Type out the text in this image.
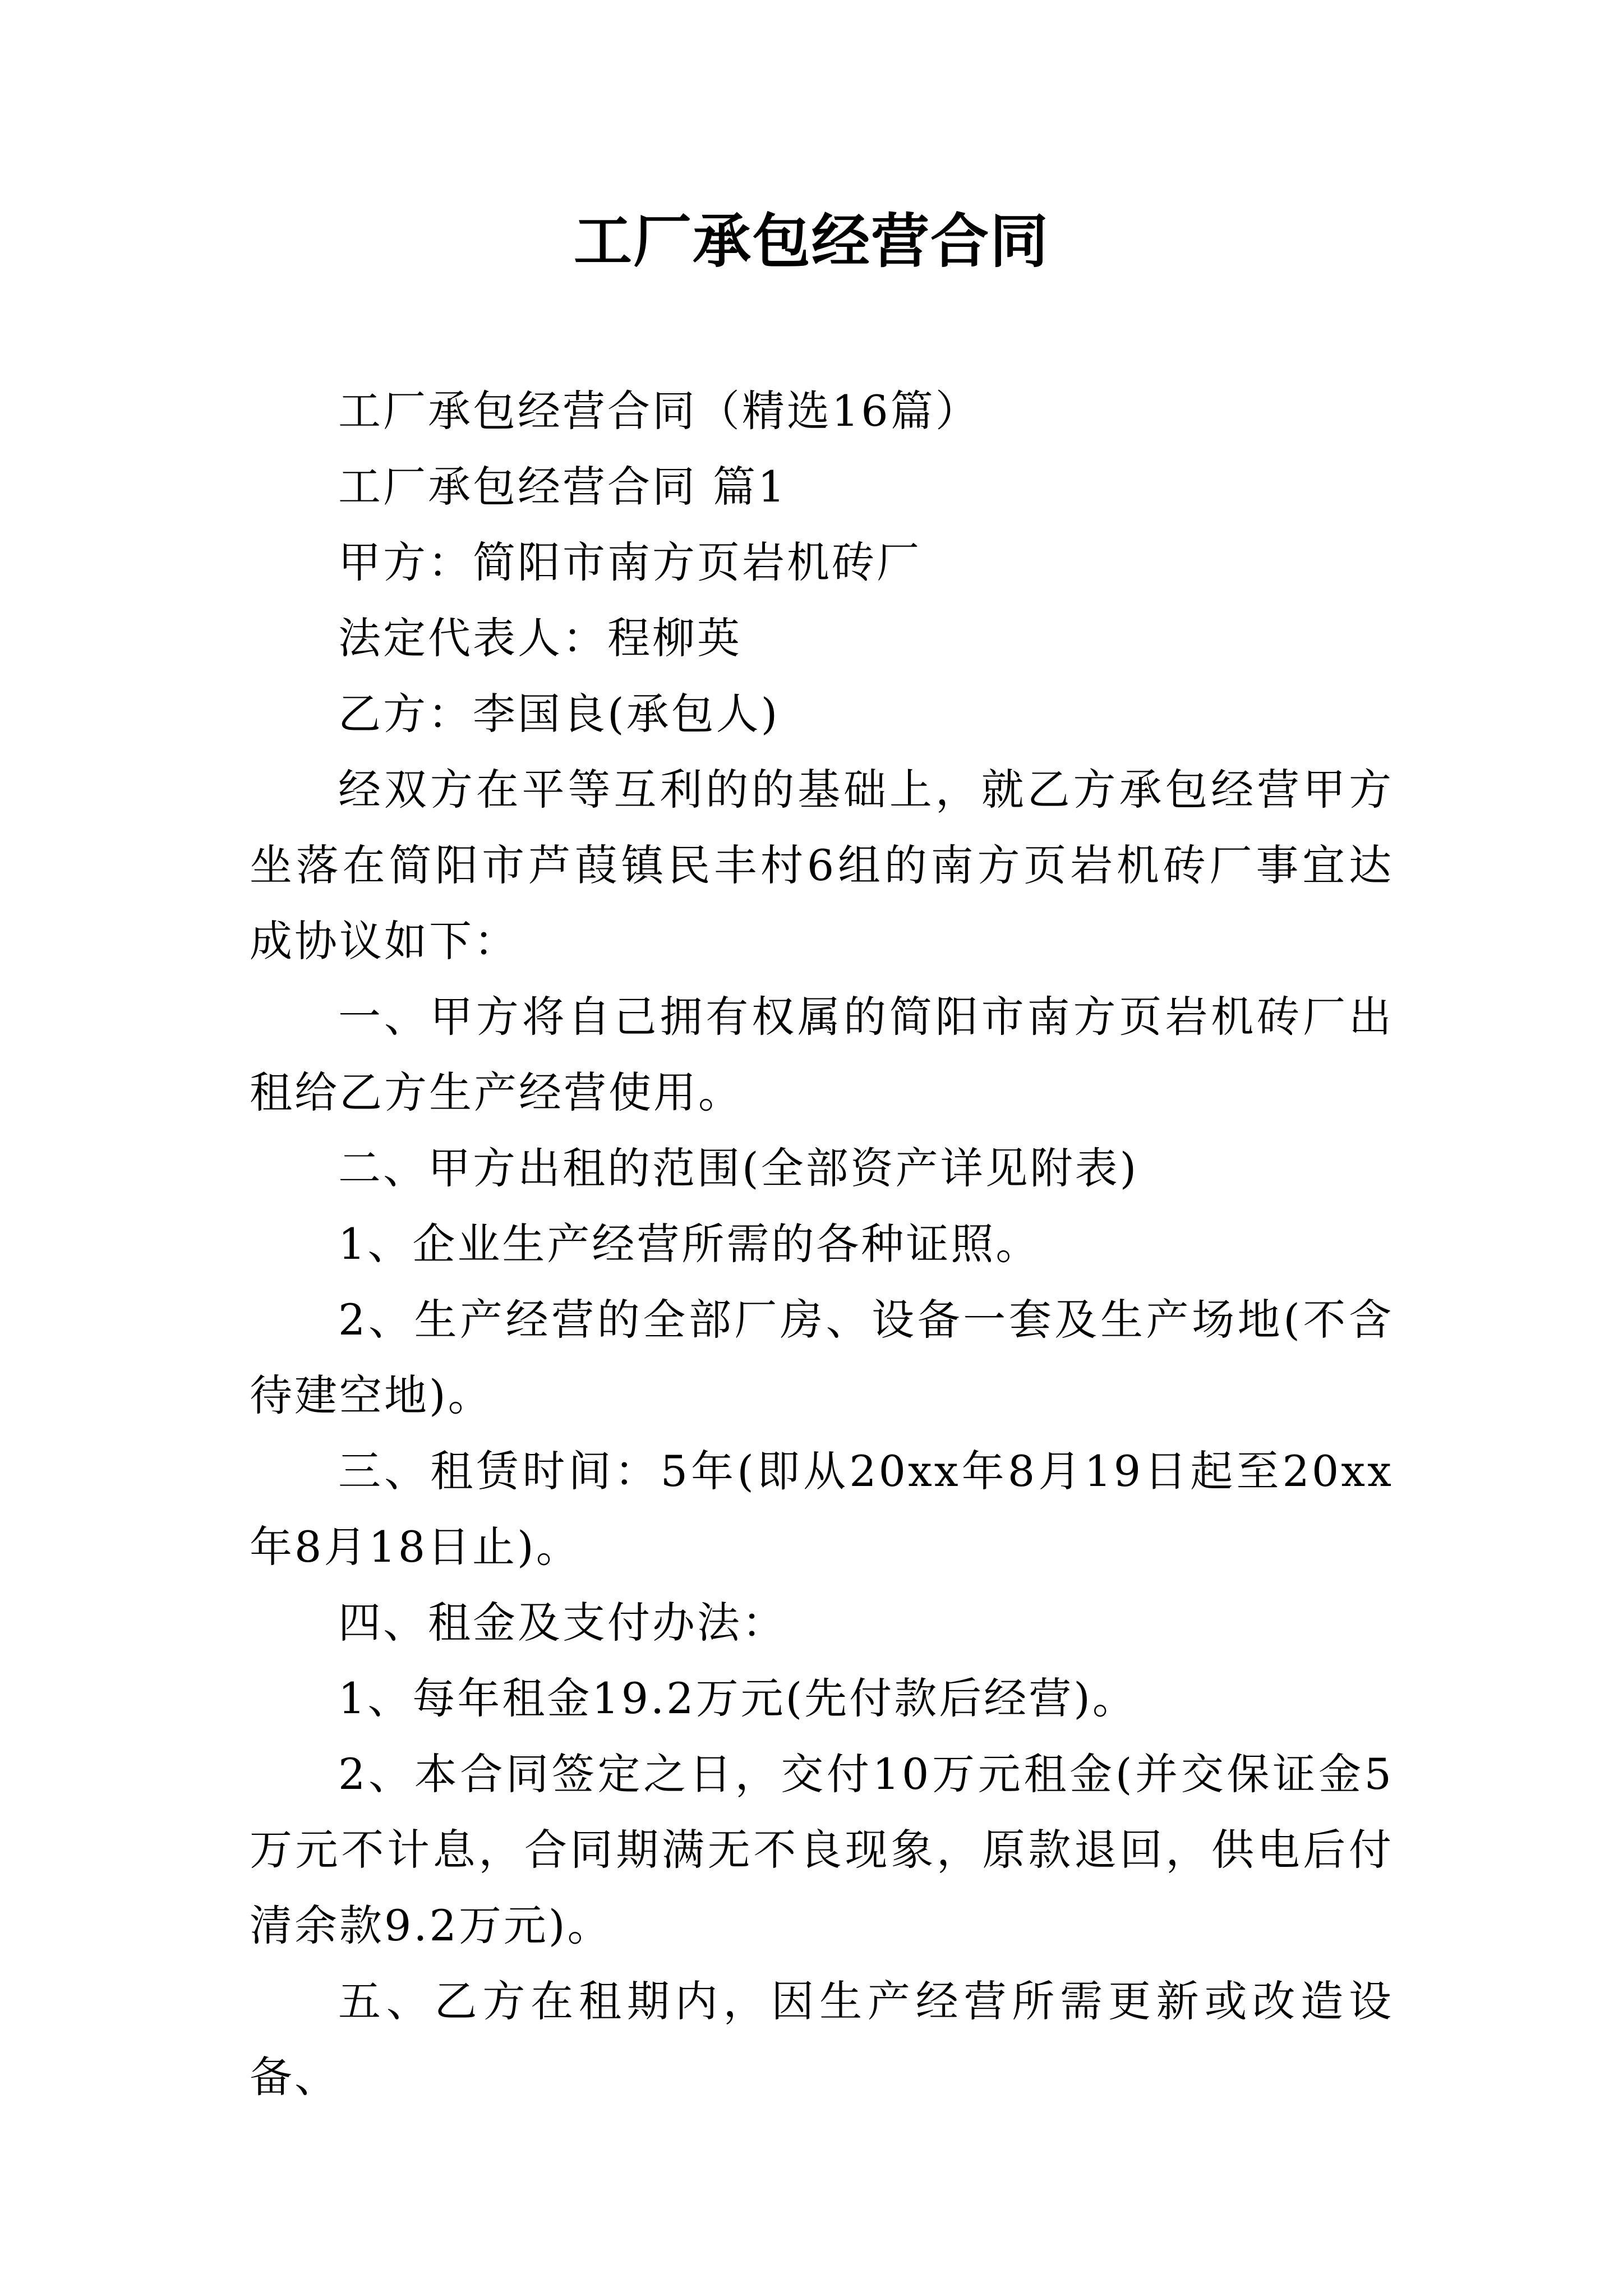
工厂承包经营合同

工厂承包经营合同（精选16篇）

工厂承包经营合同 篇1

甲方：简阳市南方页岩机砖厂

法定代表人：程柳英

乙方：李国良(承包人)

经双方在平等互利的的基础上，就乙方承包经营甲方坐落在简阳市芦葭镇民丰村6组的南方页岩机砖厂事宜达成协议如下：

一、甲方将自己拥有权属的简阳市南方页岩机砖厂出租给乙方生产经营使用。

二、甲方出租的范围(全部资产详见附表)

1、企业生产经营所需的各种证照。

2、生产经营的全部厂房、设备一套及生产场地(不含待建空地)。

三、租赁时间：5年(即从20xx年8月19日起至20xx年8月18日止)。

四、租金及支付办法：

1、每年租金19.2万元(先付款后经营)。

2、本合同签定之日，交付10万元租金(并交保证金5万元不计息，合同期满无不良现象，原款退回，供电后付清余款9.2万元)。

五、乙方在租期内，因生产经营所需更新或改造设备、
